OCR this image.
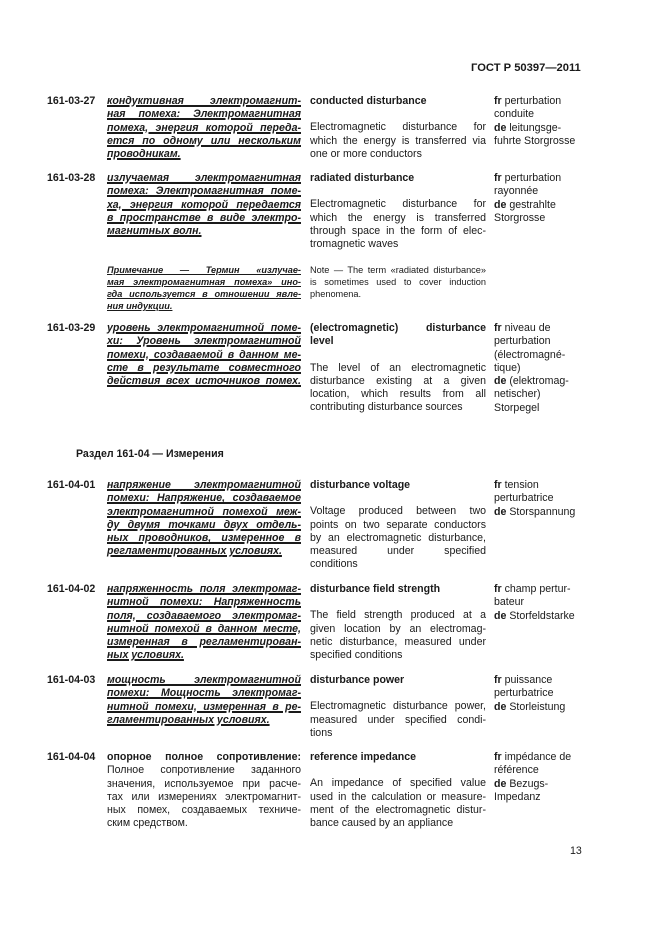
ГОСТ Р 50397—2011
161-03-27 кондуктивная электромагнит-
ная помеха: Электромагнитная
помеха, энергия которой переда-
ется по одному или нескольким
проводникам.
conducted disturbance
Electromagnetic disturbance for
which the energy is transferred via
one or more conductors
fr perturbation
conduite
de leitungsge-
fuhrte Storgrosse
161-03-28 излучаемая электромагнитная
помеха: Электромагнитная поме-
ха, энергия которой передается
в пространстве в виде электро-
магнитных волн.
radiated disturbance
Electromagnetic disturbance for
which the energy is transferred
through space in the form of elec-
tromagnetic waves
fr perturbation
rayonnée
de gestrahlte
Storgrosse
Примечание — Термин «излучае-
мая электромагнитная помеха» ино-
гда используется в отношении явле-
ния индукции.
Note — The term «radiated disturbance»
is sometimes used to cover induction
phenomena.
161-03-29 уровень электромагнитной поме-
хи: Уровень электромагнитной
помехи, создаваемой в данном ме-
сте в результате совместного
действия всех источников помех.
(electromagnetic) disturbance
level
The level of an electromagnetic
disturbance existing at a given
location, which results from all
contributing disturbance sources
fr niveau de
perturbation
(électromagné-
tique)
de (elektromag-
netischer)
Storpegel
Раздел 161-04 — Измерения
161-04-01 напряжение электромагнитной
помехи: Напряжение, создаваемое
электромагнитной помехой меж-
ду двумя точками двух отдель-
ных проводников, измеренное в
регламентированных условиях.
disturbance voltage
Voltage produced between two
points on two separate conductors
by an electromagnetic disturbance,
measured under specified
conditions
fr tension
perturbatrice
de Storspannung
161-04-02 напряженность поля электромаг-
нитной помехи: Напряженность
поля, создаваемого электромаг-
нитной помехой в данном месте,
измеренная в регламентирован-
ных условиях.
disturbance field strength
The field strength produced at a
given location by an electromag-
netic disturbance, measured under
specified conditions
fr champ pertur-
bateur
de Storfeldstarke
161-04-03 мощность электромагнитной
помехи: Мощность электромаг-
нитной помехи, измеренная в ре-
гламентированных условиях.
disturbance power
Electromagnetic disturbance power,
measured under specified condi-
tions
fr puissance
perturbatrice
de Storleistung
161-04-04 опорное полное сопротивление:
Полное сопротивление заданного
значения, используемое при расче-
тах или измерениях электромагнит-
ных помех, создаваемых техниче-
ским средством.
reference impedance
An impedance of specified value
used in the calculation or measure-
ment of the electromagnetic distur-
bance caused by an appliance
fr impédance de
référence
de Bezugs-
Impedanz
13
